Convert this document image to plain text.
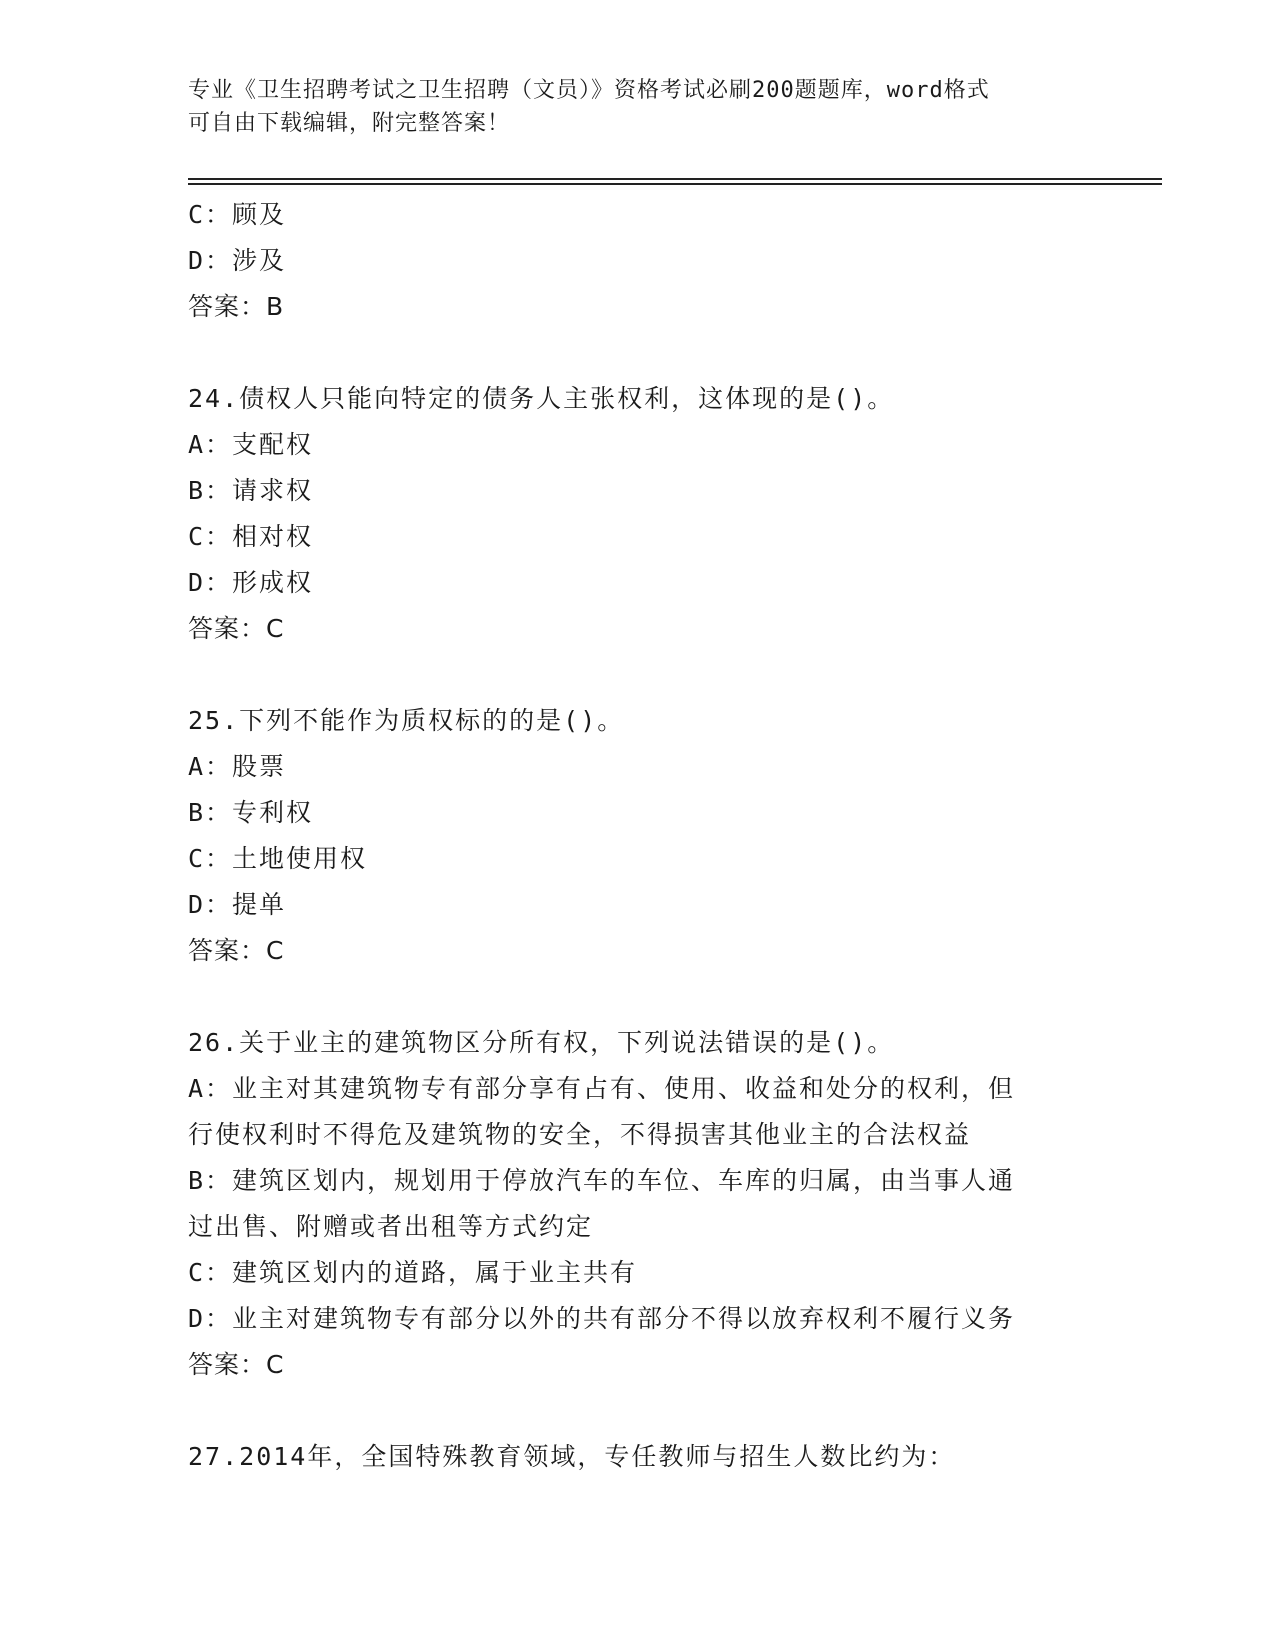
专业《卫生招聘考试之卫生招聘（文员）》资格考试必刷200题题库，word格式
可自由下载编辑，附完整答案！
C：顾及
D：涉及
答案：B
24.债权人只能向特定的债务人主张权利，这体现的是()。
A：支配权
B：请求权
C：相对权
D：形成权
答案：C
25.下列不能作为质权标的的是()。
A：股票
B：专利权
C：土地使用权
D：提单
答案：C
26.关于业主的建筑物区分所有权，下列说法错误的是()。
A：业主对其建筑物专有部分享有占有、使用、收益和处分的权利，但
行使权利时不得危及建筑物的安全，不得损害其他业主的合法权益
B：建筑区划内，规划用于停放汽车的车位、车库的归属，由当事人通
过出售、附赠或者出租等方式约定
C：建筑区划内的道路，属于业主共有
D：业主对建筑物专有部分以外的共有部分不得以放弃权利不履行义务
答案：C
27.2014年，全国特殊教育领域，专任教师与招生人数比约为：
